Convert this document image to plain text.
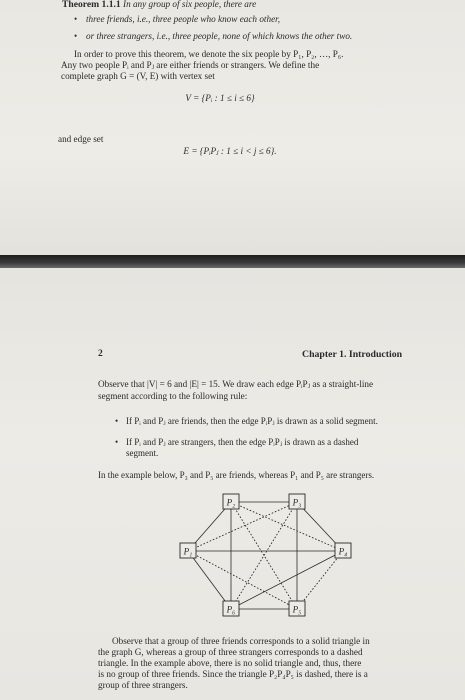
Theorem 1.1.1 In any group of six people, there are
• three friends, i.e., three people who know each other,
• or three strangers, i.e., three people, none of which knows the other two.
In order to prove this theorem, we denote the six people by P₁, P₂, …, P₆.
Any two people Pᵢ and Pⱼ are either friends or strangers. We define the
complete graph G = (V, E) with vertex set
V = {Pᵢ : 1 ≤ i ≤ 6}
and edge set
E = {PᵢPⱼ : 1 ≤ i < j ≤ 6}.
2	Chapter 1. Introduction
Observe that |V| = 6 and |E| = 15. We draw each edge PᵢPⱼ as a straight-line
segment according to the following rule:
• If Pᵢ and Pⱼ are friends, then the edge PᵢPⱼ is drawn as a solid segment.
• If Pᵢ and Pⱼ are strangers, then the edge PᵢPⱼ is drawn as a dashed
segment.
In the example below, P₃ and P₅ are friends, whereas P₁ and P₅ are strangers.
P₁
P₂	P₃
P₄
P₅
P₆
Observe that a group of three friends corresponds to a solid triangle in
the graph G, whereas a group of three strangers corresponds to a dashed
triangle. In the example above, there is no solid triangle and, thus, there
is no group of three friends. Since the triangle P₂P₄P₅ is dashed, there is a
group of three strangers.
